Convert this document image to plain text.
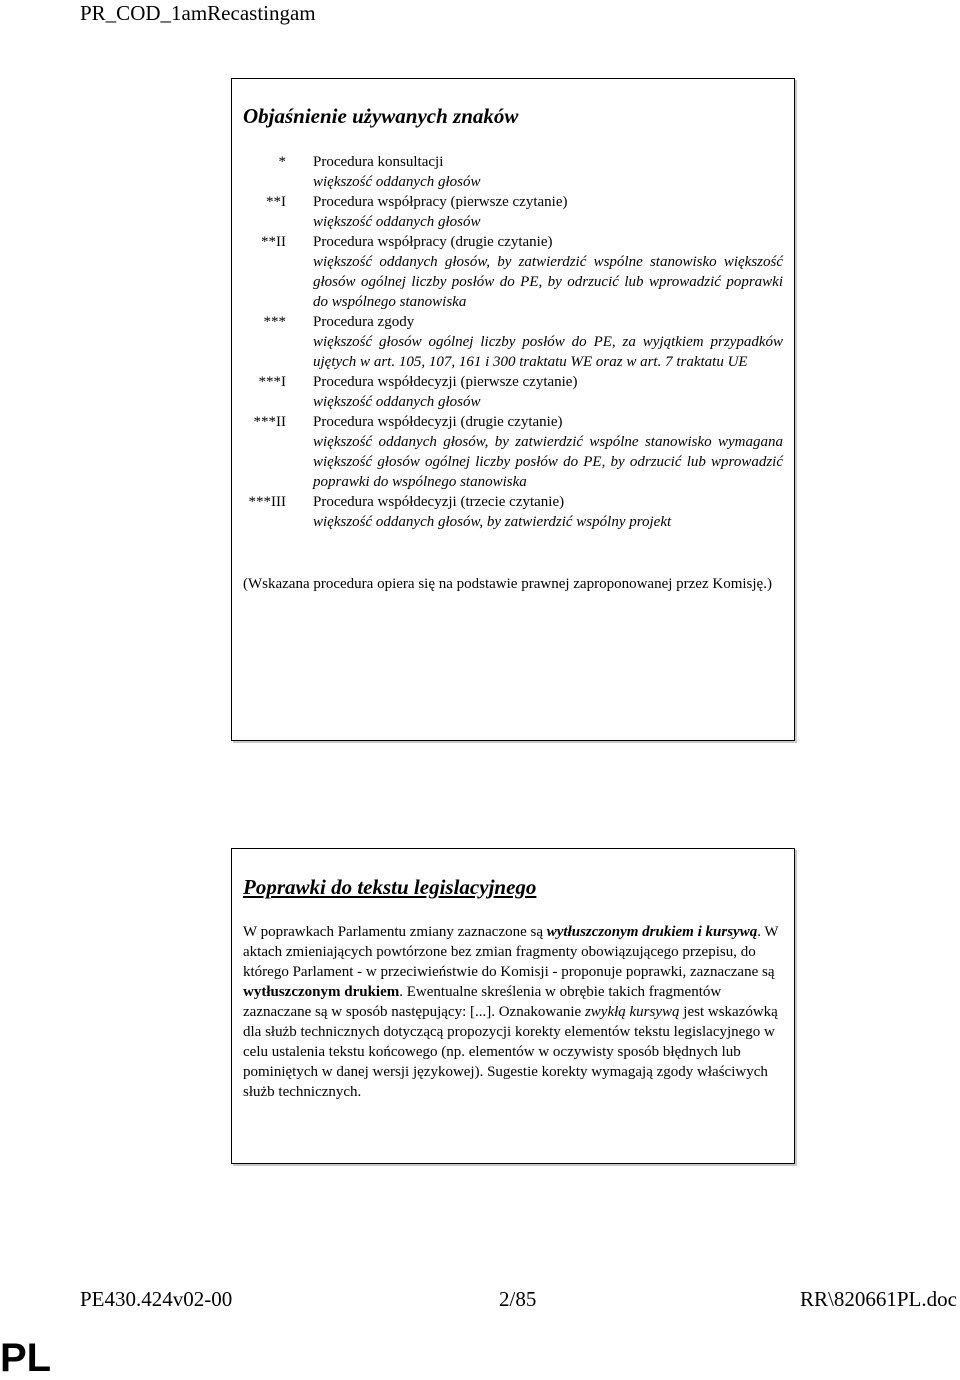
PR_COD_1amRecastingam
Objaśnienie używanych znaków
* Procedura konsultacji
większość oddanych głosów
**I Procedura współpracy (pierwsze czytanie)
większość oddanych głosów
**II Procedura współpracy (drugie czytanie)
większość oddanych głosów, by zatwierdzić wspólne stanowisko większość głosów ogólnej liczby posłów do PE, by odrzucić lub wprowadzić poprawki do wspólnego stanowiska
*** Procedura zgody
większość głosów ogólnej liczby posłów do PE, za wyjątkiem przypadków ujętych w art. 105, 107, 161 i 300 traktatu WE oraz w art. 7 traktatu UE
***I Procedura współdecyzji (pierwsze czytanie)
większość oddanych głosów
***II Procedura współdecyzji (drugie czytanie)
większość oddanych głosów, by zatwierdzić wspólne stanowisko wymagana większość głosów ogólnej liczby posłów do PE, by odrzucić lub wprowadzić poprawki do wspólnego stanowiska
***III Procedura współdecyzji (trzecie czytanie)
większość oddanych głosów, by zatwierdzić wspólny projekt
(Wskazana procedura opiera się na podstawie prawnej zaproponowanej przez Komisję.)
Poprawki do tekstu legislacyjnego
W poprawkach Parlamentu zmiany zaznaczone są wytłuszczonym drukiem i kursywą. W aktach zmieniających powtórzone bez zmian fragmenty obowiązującego przepisu, do którego Parlament - w przeciwieństwie do Komisji - proponuje poprawki, zaznaczane są wytłuszczonym drukiem. Ewentualne skreślenia w obrębie takich fragmentów zaznaczane są w sposób następujący: [...]. Oznakowanie zwykłą kursywą jest wskazówką dla służb technicznych dotyczącą propozycji korekty elementów tekstu legislacyjnego w celu ustalenia tekstu końcowego (np. elementów w oczywisty sposób błędnych lub pominiętych w danej wersji językowej). Sugestie korekty wymagają zgody właściwych służb technicznych.
PE430.424v02-00	2/85	RR\820661PL.doc
PL
